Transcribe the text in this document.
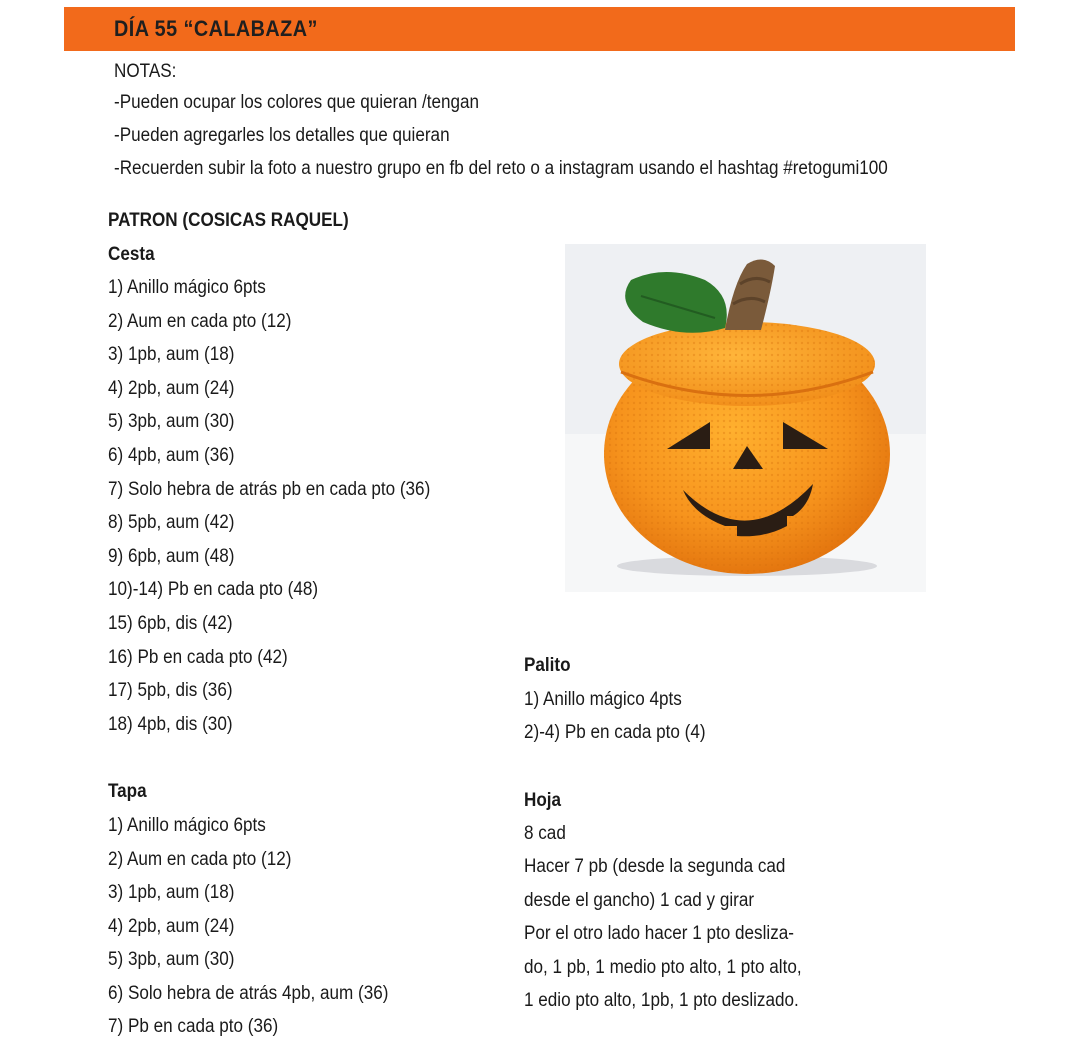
DÍA 55 “CALABAZA”
NOTAS:
-Pueden ocupar los colores que quieran /tengan
-Pueden agregarles los detalles que quieran
-Recuerden subir la foto a nuestro grupo en fb del reto o a instagram usando el hashtag #retogumi100
PATRON (COSICAS RAQUEL)
Cesta
1) Anillo mágico 6pts
2) Aum en cada pto (12)
3) 1pb, aum (18)
4) 2pb, aum (24)
5) 3pb, aum (30)
6) 4pb, aum (36)
7) Solo hebra de atrás pb en cada pto (36)
8) 5pb, aum (42)
9) 6pb, aum (48)
10)-14) Pb en cada pto (48)
15) 6pb, dis (42)
16) Pb en cada pto (42)
17) 5pb, dis (36)
18) 4pb, dis (30)
Tapa
1) Anillo mágico 6pts
2) Aum en cada pto (12)
3) 1pb, aum (18)
4) 2pb, aum (24)
5) 3pb, aum (30)
6) Solo hebra de atrás 4pb, aum (36)
7) Pb en cada pto (36)
Palito
1) Anillo mágico 4pts
2)-4) Pb en cada pto (4)
Hoja
8 cad
Hacer 7 pb (desde la segunda cad
desde el gancho) 1 cad y girar
Por el otro lado hacer 1 pto desliza-
do, 1 pb, 1 medio pto alto, 1 pto alto,
1 edio pto alto, 1pb, 1 pto deslizado.
